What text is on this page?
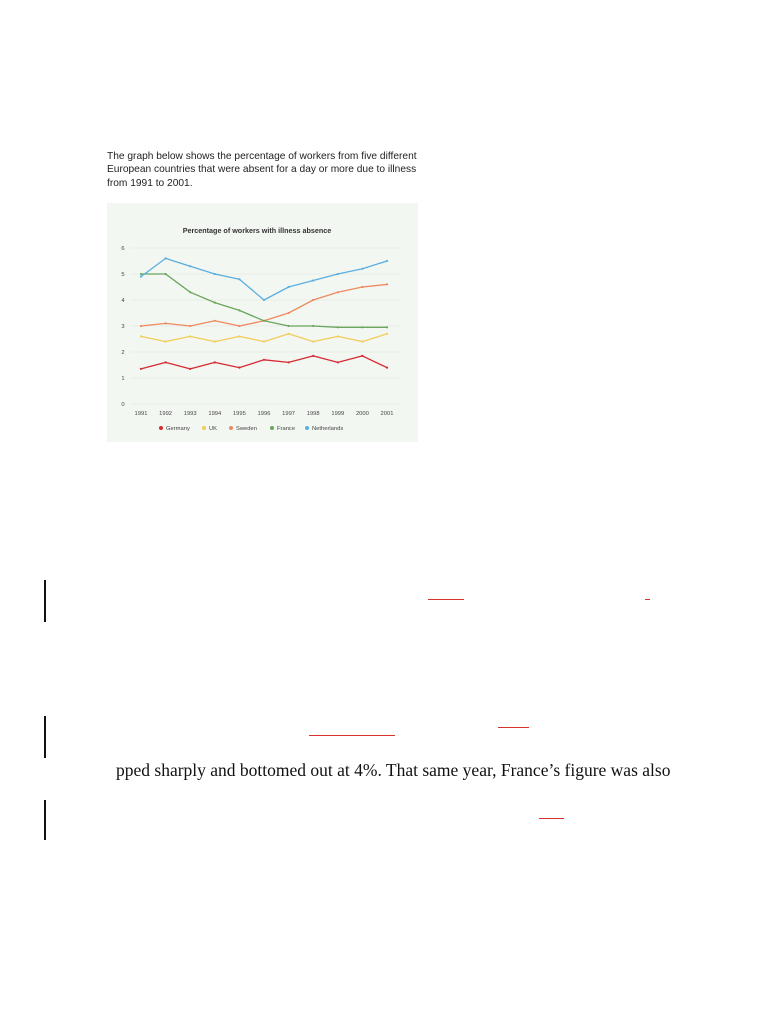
The graph below shows the percentage of workers from five different European countries that were absent for a day or more due to illness from 1991 to 2001.

Percentage of workers with illness absence
0
1
2
3
4
5
6
1991 1992 1993 1994 1995 1996 1997 1998 1999 2000 2001
Germany	UK	Sweden	France	Netherlands

pped sharply and bottomed out at 4%. That same year, France’s figure was also
